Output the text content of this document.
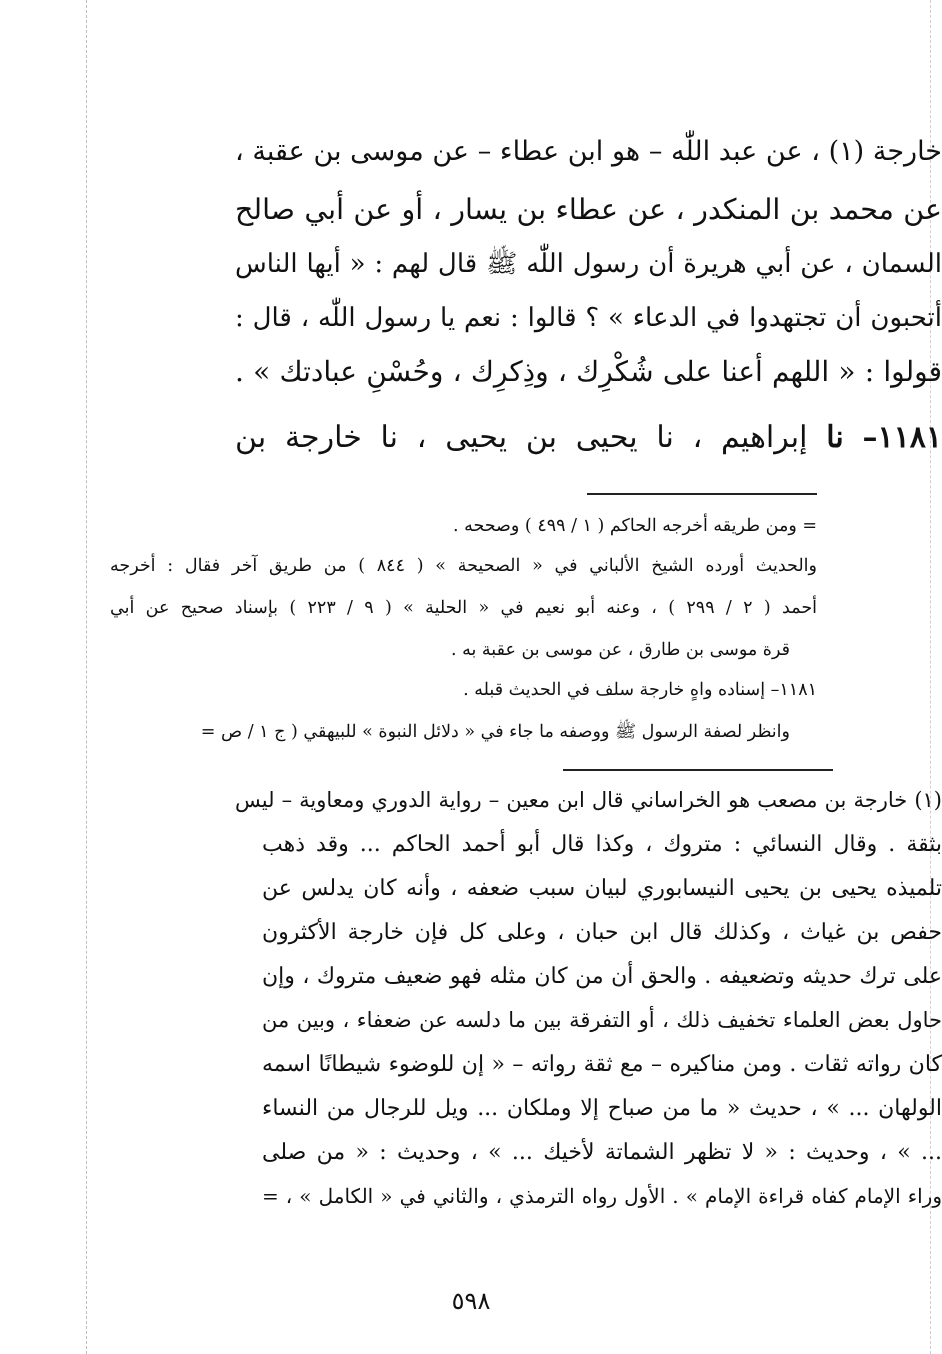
خارجة (١) ، عن عبد اللّٰه – هو ابن عطاء – عن موسى بن عقبة ،
عن محمد بن المنكدر ، عن عطاء بن يسار ، أو عن أبي صالح
السمان ، عن أبي هريرة أن رسول اللّٰه ﷺ قال لهم : « أيها الناس
أتحبون أن تجتهدوا في الدعاء » ؟ قالوا : نعم يا رسول اللّٰه ، قال :
قولوا : « اللهم أعنا على شُكْرِك ، وذِكرِك ، وحُسْنِ عبادتك » .
١١٨١– نا إبراهيم ، نا يحيى بن يحيى ، نا خارجة بن
= ومن طريقه أخرجه الحاكم ( ١ / ٤٩٩ ) وصححه .
والحديث أورده الشيخ الألباني في « الصحيحة » ( ٨٤٤ ) من طريق آخر فقال : أخرجه
أحمد ( ٢ / ٢٩٩ ) ، وعنه أبو نعيم في « الحلية » ( ٩ / ٢٢٣ ) بإسناد صحيح عن أبي
قرة موسى بن طارق ، عن موسى بن عقبة به .
١١٨١– إسناده واهٍ خارجة سلف في الحديث قبله .
وانظر لصفة الرسول ﷺ ووصفه ما جاء في « دلائل النبوة » للبيهقي ( ج ١ / ص =
(١) خارجة بن مصعب هو الخراساني قال ابن معين – رواية الدوري ومعاوية – ليس
بثقة . وقال النسائي : متروك ، وكذا قال أبو أحمد الحاكم ... وقد ذهب
تلميذه يحيى بن يحيى النيسابوري لبيان سبب ضعفه ، وأنه كان يدلس عن
حفص بن غياث ، وكذلك قال ابن حبان ، وعلى كل فإن خارجة الأكثرون
على ترك حديثه وتضعيفه . والحق أن من كان مثله فهو ضعيف متروك ، وإن
حاول بعض العلماء تخفيف ذلك ، أو التفرقة بين ما دلسه عن ضعفاء ، وبين من
كان رواته ثقات . ومن مناكيره – مع ثقة رواته – « إن للوضوء شيطانًا اسمه
الولهان ... » ، حديث « ما من صباح إلا وملكان ... ويل للرجال من النساء
... » ، وحديث : « لا تظهر الشماتة لأخيك ... » ، وحديث : « من صلى
وراء الإمام كفاه قراءة الإمام » . الأول رواه الترمذي ، والثاني في « الكامل » ، =
٥٩٨
